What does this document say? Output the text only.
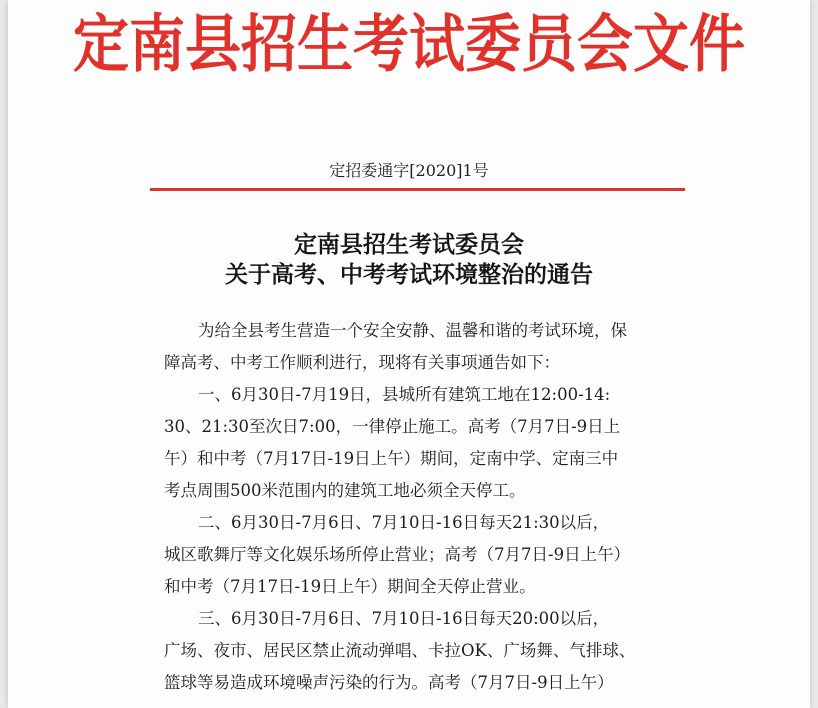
定南县招生考试委员会文件
定招委通字[2020]1号
定南县招生考试委员会
关于高考、中考考试环境整治的通告
为给全县考生营造一个安全安静、温馨和谐的考试环境，保
障高考、中考工作顺利进行，现将有关事项通告如下：
一、6月30日-7月19日，县城所有建筑工地在12:00-14:
30、21:30至次日7:00，一律停止施工。高考（7月7日-9日上
午）和中考（7月17日-19日上午）期间，定南中学、定南三中
考点周围500米范围内的建筑工地必须全天停工。
二、6月30日-7月6日、7月10日-16日每天21:30以后，
城区歌舞厅等文化娱乐场所停止营业；高考（7月7日-9日上午）
和中考（7月17日-19日上午）期间全天停止营业。
三、6月30日-7月6日、7月10日-16日每天20:00以后，
广场、夜市、居民区禁止流动弹唱、卡拉OK、广场舞、气排球、
篮球等易造成环境噪声污染的行为。高考（7月7日-9日上午）
